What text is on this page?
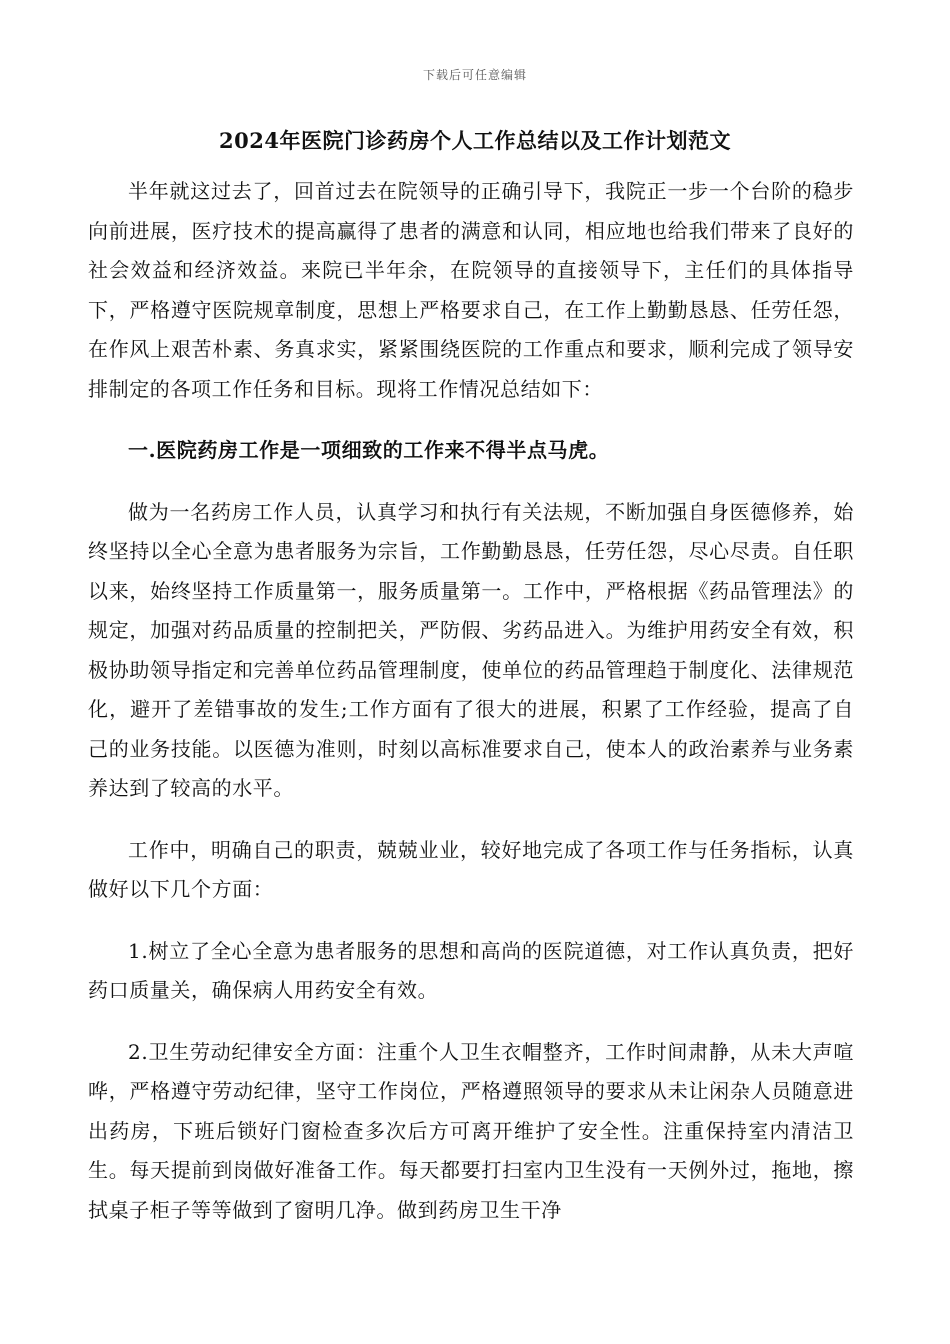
下载后可任意编辑
2024年医院门诊药房个人工作总结以及工作计划范文

半年就这过去了，回首过去在院领导的正确引导下，我院正一步一个台阶的稳步向前进展，医疗技术的提高赢得了患者的满意和认同，相应地也给我们带来了良好的社会效益和经济效益。来院已半年余，在院领导的直接领导下，主任们的具体指导下，严格遵守医院规章制度，思想上严格要求自己，在工作上勤勤恳恳、任劳任怨，在作风上艰苦朴素、务真求实，紧紧围绕医院的工作重点和要求，顺利完成了领导安排制定的各项工作任务和目标。现将工作情况总结如下：

一.医院药房工作是一项细致的工作来不得半点马虎。

做为一名药房工作人员，认真学习和执行有关法规，不断加强自身医德修养，始终坚持以全心全意为患者服务为宗旨，工作勤勤恳恳，任劳任怨，尽心尽责。自任职以来，始终坚持工作质量第一，服务质量第一。工作中，严格根据《药品管理法》的规定，加强对药品质量的控制把关，严防假、劣药品进入。为维护用药安全有效，积极协助领导指定和完善单位药品管理制度，使单位的药品管理趋于制度化、法律规范化，避开了差错事故的发生;工作方面有了很大的进展，积累了工作经验，提高了自己的业务技能。以医德为准则，时刻以高标准要求自己，使本人的政治素养与业务素养达到了较高的水平。

工作中，明确自己的职责，兢兢业业，较好地完成了各项工作与任务指标，认真做好以下几个方面：

1.树立了全心全意为患者服务的思想和高尚的医院道德，对工作认真负责，把好药口质量关，确保病人用药安全有效。

2.卫生劳动纪律安全方面：注重个人卫生衣帽整齐，工作时间肃静，从未大声喧哗，严格遵守劳动纪律，坚守工作岗位，严格遵照领导的要求从未让闲杂人员随意进出药房，下班后锁好门窗检查多次后方可离开维护了安全性。注重保持室内清洁卫生。每天提前到岗做好准备工作。每天都要打扫室内卫生没有一天例外过，拖地，擦拭桌子柜子等等做到了窗明几净。做到药房卫生干净
